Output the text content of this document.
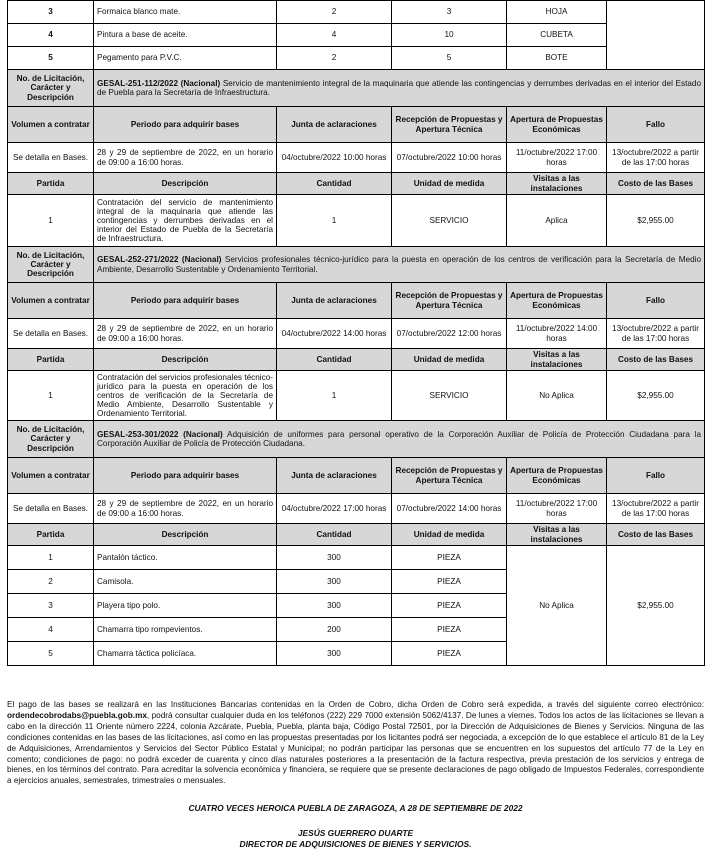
3	Formaica blanco mate.	2	3	HOJA	
4	Pintura a base de aceite.	4	10	CUBETA	
5	Pegamento para P.V.C.	2	5	BOTE	
No. de Licitación, Carácter y Descripción	GESAL-251-112/2022 (Nacional) Servicio de mantenimiento integral de la maquinaria que atiende las contingencias y derrumbes derivadas en el interior del Estado de Puebla para la Secretaría de Infraestructura.				
Volumen a contratar	Periodo para adquirir bases	Junta de aclaraciones	Recepción de Propuestas y Apertura Técnica	Apertura de Propuestas Económicas	Fallo
Se detalla en Bases.	28 y 29 de septiembre de 2022, en un horario de 09:00 a 16:00 horas.	04/octubre/2022 10:00 horas	07/octubre/2022 10:00 horas	11/octubre/2022 17:00 horas	13/octubre/2022 a partir de las 17:00 horas
Partida	Descripción	Cantidad	Unidad de medida	Visitas a las instalaciones	Costo de las Bases
1	Contratación del servicio de mantenimiento integral de la maquinaria que atiende las contingencias y derrumbes derivadas en el interior del Estado de Puebla de la Secretaría de Infraestructura.	1	SERVICIO	Aplica	$2,955.00
No. de Licitación, Carácter y Descripción	GESAL-252-271/2022 (Nacional) Servicios profesionales técnico-jurídico para la puesta en operación de los centros de verificación para la Secretaría de Medio Ambiente, Desarrollo Sustentable y Ordenamiento Territorial.				
Volumen a contratar	Periodo para adquirir bases	Junta de aclaraciones	Recepción de Propuestas y Apertura Técnica	Apertura de Propuestas Económicas	Fallo
Se detalla en Bases.	28 y 29 de septiembre de 2022, en un horario de 09:00 a 16:00 horas.	04/octubre/2022 14:00 horas	07/octubre/2022 12:00 horas	11/octubre/2022 14:00 horas	13/octubre/2022 a partir de las 17:00 horas
Partida	Descripción	Cantidad	Unidad de medida	Visitas a las instalaciones	Costo de las Bases
1	Contratación del servicios profesionales técnico-jurídico para la puesta en operación de los centros de verificación de la Secretaría de Medio Ambiente, Desarrollo Sustentable y Ordenamiento Territorial.	1	SERVICIO	No Aplica	$2,955.00
No. de Licitación, Carácter y Descripción	GESAL-253-301/2022 (Nacional) Adquisición de uniformes para personal operativo de la Corporación Auxiliar de Policía de Protección Ciudadana para la Corporación Auxiliar de Policía de Protección Ciudadana.				
Volumen a contratar	Periodo para adquirir bases	Junta de aclaraciones	Recepción de Propuestas y Apertura Técnica	Apertura de Propuestas Económicas	Fallo
Se detalla en Bases.	28 y 29 de septiembre de 2022, en un horario de 09:00 a 16:00 horas.	04/octubre/2022 17:00 horas	07/octubre/2022 14:00 horas	11/octubre/2022 17:00 horas	13/octubre/2022 a partir de las 17:00 horas
Partida	Descripción	Cantidad	Unidad de medida	Visitas a las instalaciones	Costo de las Bases
1	Pantalón táctico.	300	PIEZA	No Aplica	$2,955.00
2	Camisola.	300	PIEZA		
3	Playera tipo polo.	300	PIEZA		
4	Chamarra tipo rompevientos.	200	PIEZA		
5	Chamarra táctica policíaca.	300	PIEZA		
El pago de las bases se realizará en las Instituciones Bancarias contenidas en la Orden de Cobro, dicha Orden de Cobro será expedida, a través del siguiente correo electrónico: ordendecobrodabs@puebla.gob.mx, podrá consultar cualquier duda en los teléfonos (222) 229 7000 extensión 5062/4137. De lunes a viernes. Todos los actos de las licitaciones se llevan a cabo en la dirección 11 Oriente número 2224, colonia Azcárate, Puebla, Puebla, planta baja, Código Postal 72501, por la Dirección de Adquisiciones de Bienes y Servicios. Ninguna de las condiciones contenidas en las bases de las licitaciones, así como en las propuestas presentadas por los licitantes podrá ser negociada, a excepción de lo que establece el artículo 81 de la Ley de Adquisiciones, Arrendamientos y Servicios del Sector Público Estatal y Municipal; no podrán participar las personas que se encuentren en los supuestos del artículo 77 de la Ley en comento; condiciones de pago: no podrá exceder de cuarenta y cinco días naturales posteriores a la presentación de la factura respectiva, previa prestación de los servicios y entrega de bienes, en los términos del contrato. Para acreditar la solvencia económica y financiera, se requiere que se presente declaraciones de pago obligado de Impuestos Federales, correspondiente a ejercicios anuales, semestrales, trimestrales o mensuales.
CUATRO VECES HEROICA PUEBLA DE ZARAGOZA, A 28 DE SEPTIEMBRE DE 2022
JESÚS GUERRERO DUARTE
DIRECTOR DE ADQUISICIONES DE BIENES Y SERVICIOS.
